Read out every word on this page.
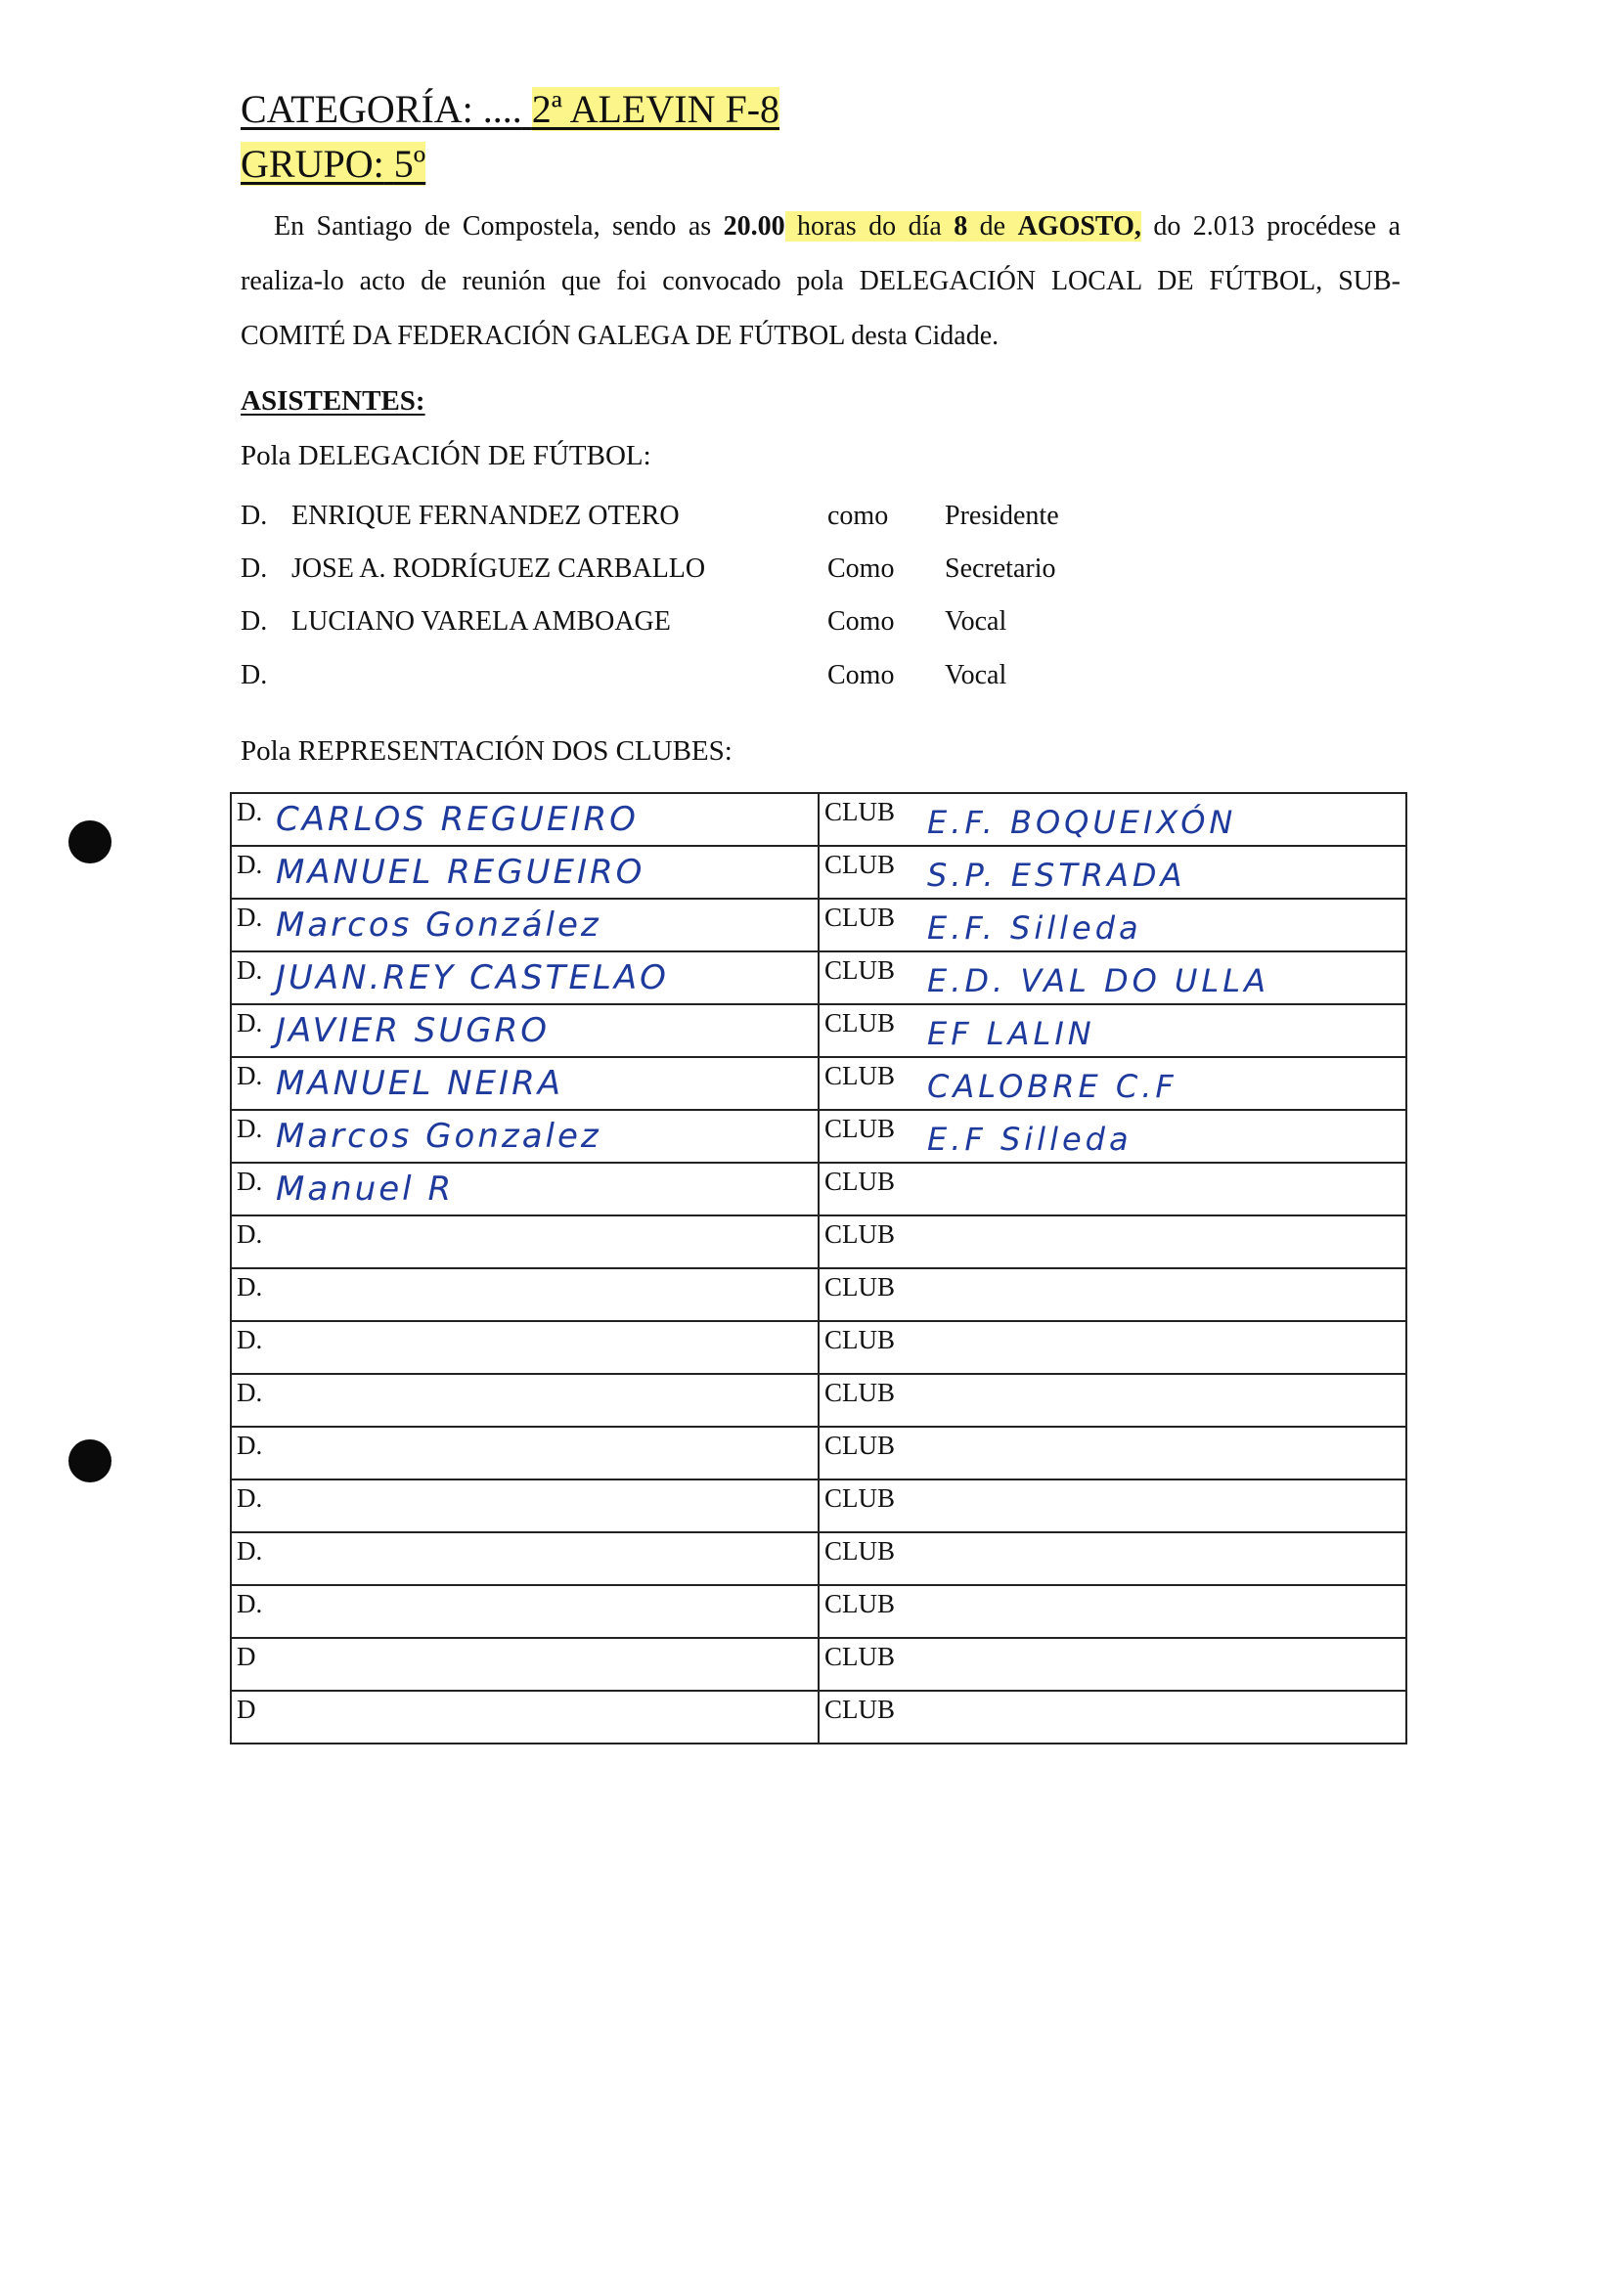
CATEGORÍA: .... 2ª ALEVIN F-8
GRUPO: 5º
En Santiago de Compostela, sendo as 20.00 horas do día 8 de AGOSTO, do 2.013 procédese a realiza-lo acto de reunión que foi convocado pola DELEGACIÓN LOCAL DE FÚTBOL, SUB-COMITÉ DA FEDERACIÓN GALEGA DE FÚTBOL desta Cidade.
ASISTENTES:
Pola DELEGACIÓN DE FÚTBOL:
D. ENRIQUE FERNANDEZ OTERO	como Presidente
D. JOSE A. RODRÍGUEZ CARBALLO	Como Secretario
D. LUCIANO VARELA AMBOAGE	Como Vocal
D.	Como Vocal
Pola REPRESENTACIÓN DOS CLUBES:
D. CARLOS REGUEIRO	CLUB E.F. BOQUEIXÓN

D. MANUEL REGUEIRO	CLUB S.P. ESTRADA

D. Marcos González	CLUB E.F. Silleda

D. JUAN.REY CASTELAO	CLUB E.D. VAL DO ULLA

D. JAVIER SUGRO	CLUB EF LALIN

D. MANUEL NEIRA	CLUB CALOBRE C.F

D. Marcos Gonzalez	CLUB E.F Silleda

D. Manuel R	CLUB

D.	CLUB

D.	CLUB

D.	CLUB

D.	CLUB

D.	CLUB

D.	CLUB

D.	CLUB

D.	CLUB

D	CLUB

D	CLUB
